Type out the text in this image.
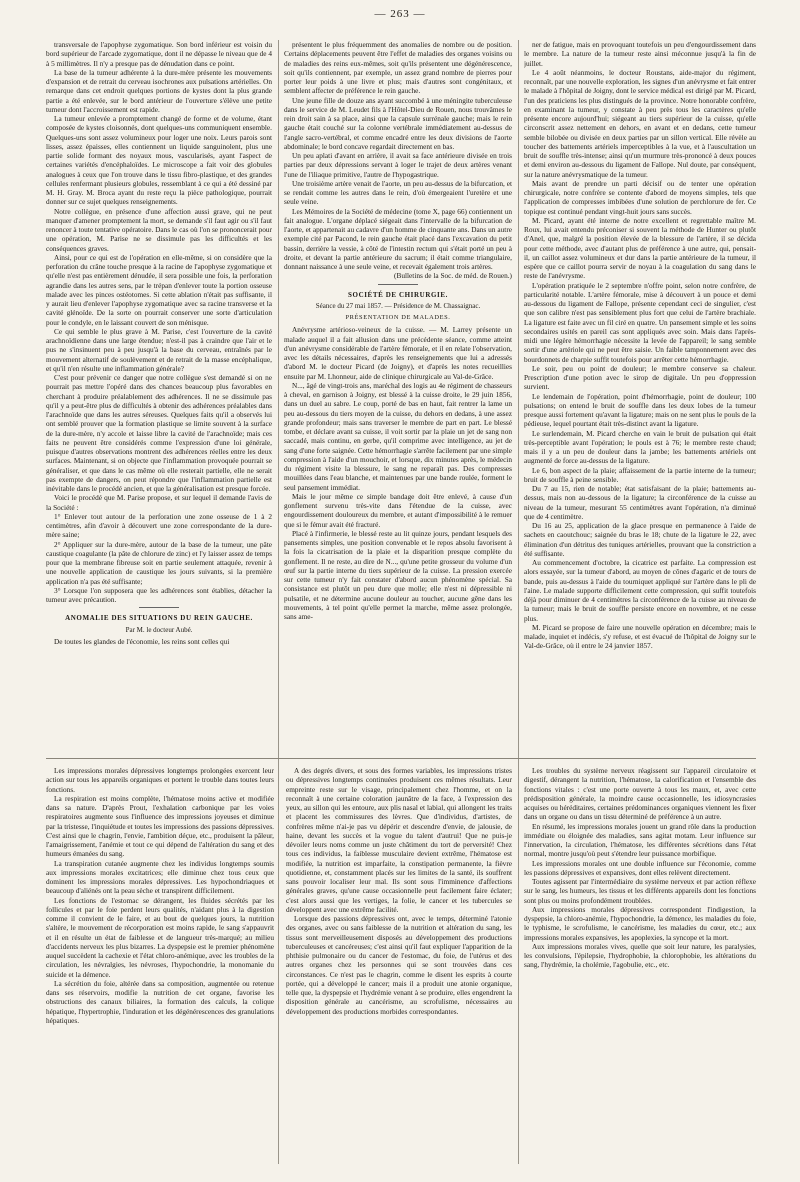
— 263 —

transversale de l'apophyse zygomatique. Son bord inférieur est voisin du bord supérieur de l'arcade zygomatique, dont il ne dépasse le niveau que de 4 à 5 millimètres. Il n'y a presque pas de dénudation dans ce point.

La base de la tumeur adhérente à la dure-mère présente les mouvements d'expansion et de retrait du cerveau isochrones aux pulsations artérielles. On remarque dans cet endroit quelques portions de kystes dont la plus grande partie a été enlevée, sur le bord antérieur de l'ouverture s'élève une petite tumeur dont l'accroissement est rapide.

La tumeur enlevée a promptement changé de forme et de volume, étant composée de kystes cloisonnés, dont quelques-uns communiquent ensemble. Quelques-uns sont assez volumineux pour loger une noix. Leurs parois sont lisses, assez épaisses, elles contiennent un liquide sanguinolent, plus une partie solide formant des noyaux mous, vascularisés, ayant l'aspect de certaines variétés d'encéphaloïdes. Le microscope a fait voir des globules analogues à ceux que l'on trouve dans le tissu fibro-plastique, et des grandes cellules renfermant plusieurs globules, ressemblant à ce qui a été dessiné par M. H. Gray. M. Broca ayant du reste reçu la pièce pathologique, pourrait donner sur ce sujet quelques renseignements.

Notre collègue, en présence d'une affection aussi grave, qui ne peut manquer d'amener promptement la mort, se demande s'il faut agir ou s'il faut renoncer à toute tentative opératoire. Dans le cas où l'on se prononcerait pour une opération, M. Parise ne se dissimule pas les difficultés et les conséquences graves.

Ainsi, pour ce qui est de l'opération en elle-même, si on considère que la perforation du crâne touche presque à la racine de l'apophyse zygomatique et qu'elle n'est pas entièrement dénudée, il sera possible une fois, la perforation agrandie dans les autres sens, par le trépan d'enlever toute la portion osseuse malade avec les pinces ostéotomes. Si cette ablation n'était pas suffisante, il y aurait lieu d'enlever l'apophyse zygomatique avec sa racine transverse et la cavité glénoïde. De la sorte on pourrait conserver une sorte d'articulation pour le condyle, en le laissant couvert de son ménisque.

Ce qui semble le plus grave à M. Parise, c'est l'ouverture de la cavité arachnoïdienne dans une large étendue; n'est-il pas à craindre que l'air et le pus ne s'insinuent peu à peu jusqu'à la base du cerveau, entraînés par le mouvement alternatif de soulèvement et de retrait de la masse encéphalique, et qu'il n'en résulte une inflammation générale?

C'est pour prévenir ce danger que notre collègue s'est demandé si on ne pourrait pas mettre l'opéré dans des chances beaucoup plus favorables en cherchant à produire préalablement des adhérences. Il ne se dissimule pas qu'il y a peut-être plus de difficultés à obtenir des adhérences préalables dans l'arachnoïde que dans les autres séreuses. Quelques faits qu'il a observés lui ont semblé prouver que la formation plastique se limite souvent à la surface de la dure-mère, n'y accole et laisse libre la cavité de l'arachnoïde; mais ces faits ne peuvent être considérés comme l'expression d'une loi générale, puisque d'autres observations montrent des adhérences réelles entre les deux surfaces. Maintenant, si on objecte que l'inflammation provoquée pourrait se généraliser, et que dans le cas même où elle resterait partielle, elle ne serait pas exempte de dangers, on peut répondre que l'inflammation partielle est inévitable dans le procédé ancien, et que la généralisation est presque forcée.

Voici le procédé que M. Parise propose, et sur lequel il demande l'avis de la Société :

1° Enlever tout autour de la perforation une zone osseuse de 1 à 2 centimètres, afin d'avoir à découvert une zone correspondante de la dure-mère saine;

2° Appliquer sur la dure-mère, autour de la base de la tumeur, une pâte caustique coagulante (la pâte de chlorure de zinc) et l'y laisser assez de temps pour que la membrane fibreuse soit en partie seulement attaquée, revenir à une nouvelle application de caustique les jours suivants, si la première application n'a pas été suffisante;

3° Lorsque l'on supposera que les adhérences sont établies, détacher la tumeur avec précaution.

ANOMALIE DES SITUATIONS DU REIN GAUCHE.

Par M. le docteur Aubé.

De toutes les glandes de l'économie, les reins sont celles qui

présentent le plus fréquemment des anomalies de nombre ou de position. Certains déplacements peuvent être l'effet de maladies des organes voisins ou de maladies des reins eux-mêmes, soit qu'ils présentent une dégénérescence, soit qu'ils contiennent, par exemple, un assez grand nombre de pierres pour porter leur poids à une livre et plus; mais d'autres sont congénitaux, et semblent affecter de préférence le rein gauche.

Une jeune fille de douze ans ayant succombé à une méningite tuberculeuse dans le service de M. Leudet fils à l'Hôtel-Dieu de Rouen, nous trouvâmes le rein droit sain à sa place, ainsi que la capsule surrénale gauche; mais le rein gauche était couché sur la colonne vertébrale immédiatement au-dessus de l'angle sacro-vertébral, et comme encadré entre les deux divisions de l'aorte abdominale; le bord concave regardait directement en bas.

Un peu aplati d'avant en arrière, il avait sa face antérieure divisée en trois parties par deux dépressions servant à loger le trajet de deux artères venant l'une de l'iliaque primitive, l'autre de l'hypogastrique.

Une troisième artère venait de l'aorte, un peu au-dessus de la bifurcation, et se rendait comme les autres dans le rein, d'où émergeaient l'uretère et une seule veine.

Les Mémoires de la Société de médecine (tome X, page 66) contiennent un fait analogue. L'organe déplacé siégeait dans l'intervalle de la bifurcation de l'aorte, et appartenait au cadavre d'un homme de cinquante ans. Dans un autre exemple cité par Pacond, le rein gauche était placé dans l'excavation du petit bassin, derrière la vessie, à côté de l'intestin rectum qui s'était porté un peu à droite, et devant la partie antérieure du sacrum; il était comme triangulaire, donnant naissance à une seule veine, et recevait également trois artères.

(Bulletins de la Soc. de méd. de Rouen.)

SOCIÉTÉ DE CHIRURGIE.

Séance du 27 mai 1857. — Présidence de M. Chassaignac.

PRÉSENTATION DE MALADES.

Anévrysme artérioso-veineux de la cuisse. — M. Larrey présente un malade auquel il a fait allusion dans une précédente séance, comme atteint d'un anévrysme considérable de l'artère fémorale, et il en relate l'observation, avec les détails nécessaires, d'après les renseignements que lui a adressés d'abord M. le docteur Picard (de Joigny), et d'après les notes recueillies ensuite par M. Lhonneur, aide de clinique chirurgicale au Val-de-Grâce.

N..., âgé de vingt-trois ans, maréchal des logis au 4e régiment de chasseurs à cheval, en garnison à Joigny, est blessé à la cuisse droite, le 29 juin 1856, dans un duel au sabre. Le coup, porté de bas en haut, fait rentrer la lame un peu au-dessous du tiers moyen de la cuisse, du dehors en dedans, à une assez grande profondeur; mais sans traverser le membre de part en part. Le blessé tombe, et déclare avant sa cuisse, il voit sortir par la plaie un jet de sang non saccadé, mais continu, en gerbe, qu'il comprime avec intelligence, au jet de sang d'une forte saignée. Cette hémorrhagie s'arrête facilement par une simple compression à l'aide d'un mouchoir, et lorsque, dix minutes après, le médecin du régiment visite la blessure, le sang ne reparaît pas. Des compresses mouillées dans l'eau blanche, et maintenues par une bande roulée, forment le seul pansement immédiat.

Mais le jour même ce simple bandage doit être enlevé, à cause d'un gonflement survenu très-vite dans l'étendue de la cuisse, avec engourdissement douloureux du membre, et autant d'impossibilité à le remuer que si le fémur avait été fracturé.

Placé à l'infirmerie, le blessé reste au lit quinze jours, pendant lesquels des pansements simples, une position convenable et le repos absolu favorisent à la fois la cicatrisation de la plaie et la disparition presque complète du gonflement. Il ne reste, au dire de N..., qu'une petite grosseur du volume d'un œuf sur la partie interne du tiers supérieur de la cuisse. La pression exercée sur cette tumeur n'y fait constater d'abord aucun phénomène spécial. Sa consistance est plutôt un peu dure que molle; elle n'est ni dépressible ni pulsatile, et ne détermine aucune douleur au toucher, aucune gêne dans les mouvements, à tel point qu'elle permet la marche, même assez prolongée, sans ame-

ner de fatigue, mais en provoquant toutefois un peu d'engourdissement dans le membre. La nature de la tumeur reste ainsi méconnue jusqu'à la fin de juillet.

Le 4 août néanmoins, le docteur Roustans, aide-major du régiment, reconnaît, par une nouvelle exploration, les signes d'un anévrysme et fait entrer le malade à l'hôpital de Joigny, dont le service médical est dirigé par M. Picard, l'un des praticiens les plus distingués de la province. Notre honorable confrère, en examinant la tumeur, y constate à peu près tous les caractères qu'elle présente encore aujourd'hui; siégeant au tiers supérieur de la cuisse, qu'elle circonscrit assez nettement en dehors, en avant et en dedans, cette tumeur semble bilobée ou divisée en deux parties par un sillon vertical. Elle révèle au toucher des battements artériels imperceptibles à la vue, et à l'auscultation un bruit de souffle très-intense; ainsi qu'un murmure très-prononcé à deux pouces et demi environ au-dessous du ligament de Fallope. Nul doute, par conséquent, sur la nature anévrysmatique de la tumeur.

Mais avant de prendre un parti décisif ou de tenter une opération chirurgicale, notre confrère se contente d'abord de moyens simples, tels que l'application de compresses imbibées d'une solution de perchlorure de fer. Ce topique est continué pendant vingt-huit jours sans succès.

M. Picard, ayant été interne de notre excellent et regrettable maître M. Roux, lui avait entendu préconiser si souvent la méthode de Hunter ou plutôt d'Anel, que, malgré la position élevée de la blessure de l'artère, il se décida pour cette méthode, avec d'autant plus de préférence à une autre, qui, pensait-il, un caillot assez volumineux et dur dans la partie antérieure de la tumeur, il espère que ce caillot pourra servir de noyau à la coagulation du sang dans le reste de l'anévrysme.

L'opération pratiquée le 2 septembre n'offre point, selon notre confrère, de particularité notable. L'artère fémorale, mise à découvert à un pouce et demi au-dessous du ligament de Fallope, présente cependant ceci de singulier, c'est que son calibre n'est pas sensiblement plus fort que celui de l'artère brachiale. La ligature est faite avec un fil ciré en quatre. Un pansement simple et les soins secondaires usités en pareil cas sont appliqués avec soin. Mais dans l'après-midi une légère hémorrhagie nécessite la levée de l'appareil; le sang semble sortir d'une artériole qui ne peut être saisie. Un faible tamponnement avec des bourdonnets de charpie suffit toutefois pour arrêter cette hémorrhagie.

Le soir, peu ou point de douleur; le membre conserve sa chaleur. Prescription d'une potion avec le sirop de digitale. Un peu d'oppression survient.

Le lendemain de l'opération, point d'hémorrhagie, point de douleur; 100 pulsations; on entend le bruit de souffle dans les deux lobes de la tumeur presque aussi fortement qu'avant la ligature; mais on ne sent plus le pouls de la pédieuse, lequel pourtant était très-distinct avant la ligature.

Le surlendemain, M. Picard cherche en vain le bruit de pulsation qui était très-perceptible avant l'opération; le pouls est à 76; le membre reste chaud; mais il y a un peu de douleur dans la jambe; les battements artériels ont augmenté de force au-dessus de la ligature.

Le 6, bon aspect de la plaie; affaissement de la partie interne de la tumeur; bruit de souffle à peine sensible.

Du 7 au 15, rien de notable; état satisfaisant de la plaie; battements au-dessus, mais non au-dessous de la ligature; la circonférence de la cuisse au niveau de la tumeur, mesurant 55 centimètres avant l'opération, n'a diminué que de 4 centimètre.

Du 16 au 25, application de la glace presque en permanence à l'aide de sachets en caoutchouc; saignée du bras le 18; chute de la ligature le 22, avec élimination d'un détritus des tuniques artérielles, prouvant que la constriction a été suffisante.

Au commencement d'octobre, la cicatrice est parfaite. La compression est alors essayée, sur la tumeur d'abord, au moyen de cônes d'agaric et de tours de bande, puis au-dessus à l'aide du tourniquet appliqué sur l'artère dans le pli de l'aine. Le malade supporte difficilement cette compression, qui suffit toutefois déjà pour diminuer de 4 centimètres la circonférence de la cuisse au niveau de la tumeur; mais le bruit de souffle persiste encore en novembre, et ne cesse plus.

M. Picard se propose de faire une nouvelle opération en décembre; mais le malade, inquiet et indécis, s'y refuse, et est évacué de l'hôpital de Joigny sur le Val-de-Grâce, où il entre le 24 janvier 1857.

Les impressions morales dépressives longtemps prolongées exercent leur action sur tous les appareils organiques et portent le trouble dans toutes leurs fonctions.

La respiration est moins complète, l'hématose moins active et modifiée dans sa nature. D'après Prout, l'exhalation carbonique par les voies respiratoires augmente sous l'influence des impressions joyeuses et diminue par la tristesse, l'inquiétude et toutes les impressions des passions dépressives. C'est ainsi que le chagrin, l'envie, l'ambition déçue, etc., produisent la pâleur, l'amaigrissement, l'anémie et tout ce qui dépend de l'altération du sang et des humeurs émanées du sang.

La transpiration cutanée augmente chez les individus longtemps soumis aux impressions morales excitatrices; elle diminue chez tous ceux que dominent les impressions morales dépressives. Les hypochondriaques et beaucoup d'aliénés ont la peau sèche et transpirent difficilement.

Les fonctions de l'estomac se dérangent, les fluides sécrétés par les follicules et par le foie perdent leurs qualités, n'aidant plus à la digestion comme il convient de le faire, et au bout de quelques jours, la nutrition s'altère, le mouvement de récorporation est moins rapide, le sang s'appauvrit et il en résulte un état de faiblesse et de langueur très-marqué; au milieu d'accidents nerveux les plus bizarres. La dyspepsie est le premier phénomène auquel succèdent la cachexie et l'état chloro-anémique, avec les troubles de la circulation, les névralgies, les névroses, l'hypochondrie, la monomanie du suicide et la démence.

La sécrétion du foie, altérée dans sa composition, augmentée ou retenue dans ses réservoirs, modifie la nutrition de cet organe, favorise les obstructions des canaux biliaires, la formation des calculs, la colique hépatique, l'hypertrophie, l'induration et les dégénérescences des granulations hépatiques.

A des degrés divers, et sous des formes variables, les impressions tristes ou dépressives longtemps continuées produisent ces mêmes résultats. Leur empreinte reste sur le visage, principalement chez l'homme, et on la reconnaît à une certaine coloration jaunâtre de la face, à l'expression des yeux, au sillon qui les entoure, aux plis nasal et labial, qui allongent les traits et placent les commissures des lèvres. Que d'individus, d'artistes, de confrères même n'ai-je pas vu dépérir et descendre d'envie, de jalousie, de haine, devant les succès et la vogue du talent d'autrui! Que ne puis-je dévoiler leurs noms comme un juste châtiment du tort de perversité! Chez tous ces individus, la faiblesse musculaire devient extrême, l'hématose est modifiée, la nutrition est imparfaite, la constipation permanente, la fièvre quotidienne, et, constamment placés sur les limites de la santé, ils souffrent sans pouvoir localiser leur mal. Ils sont sous l'imminence d'affections générales graves, qu'une cause occasionnelle peut facilement faire éclater; c'est alors aussi que les vertiges, la folie, le cancer et les tubercules se développent avec une extrême facilité.

Lorsque des passions dépressives ont, avec le temps, déterminé l'atonie des organes, avec ou sans faiblesse de la nutrition et altération du sang, les tissus sont merveilleusement disposés au développement des productions tuberculeuses et cancéreuses; c'est ainsi qu'il faut expliquer l'apparition de la phthisie pulmonaire ou du cancer de l'estomac, du foie, de l'utérus et des autres organes chez les personnes qui se sont trouvées dans ces circonstances. Ce n'est pas le chagrin, comme le disent les esprits à courte portée, qui a développé le cancer; mais il a produit une atonie organique, telle que, la dyspepsie et l'hydrémie venant à se produire, elles engendrent la disposition générale au cancérisme, au scrofulisme, nécessaires au développement des productions morbides correspondantes.

Les troubles du système nerveux réagissent sur l'appareil circulatoire et digestif, dérangent la nutrition, l'hématose, la calorification et l'ensemble des fonctions vitales : c'est une porte ouverte à tous les maux, et, avec cette prédisposition générale, la moindre cause occasionnelle, les idiosyncrasies acquises ou héréditaires, certaines prédominances organiques viennent les fixer dans un organe ou dans un tissu déterminé de préférence à un autre.

En résumé, les impressions morales jouent un grand rôle dans la production immédiate ou éloignée des maladies, sans agitat motam. Leur influence sur l'innervation, la circulation, l'hématose, les différentes sécrétions dans l'état normal, montre jusqu'où peut s'étendre leur puissance morbifique.

Les impressions morales ont une double influence sur l'économie, comme les passions dépressives et expansives, dont elles relèvent directement.

Toutes agissent par l'intermédiaire du système nerveux et par action réflexe sur le sang, les humeurs, les tissus et les différents appareils dont les fonctions sont plus ou moins profondément troublées.

Aux impressions morales dépressives correspondent l'indigestion, la dyspepsie, la chloro-anémie, l'hypochondrie, la démence, les maladies du foie, le typhisme, le scrofulisme, le cancérisme, les maladies du cœur, etc.; aux impressions morales expansives, les apoplexies, la syncope et la mort.

Aux impressions morales vives, quelle que soit leur nature, les paralysies, les convulsions, l'épilepsie, l'hydrophobie, la chlorophobie, les altérations du sang, l'hydrémie, la cholémie, l'agobulie, etc., etc.
